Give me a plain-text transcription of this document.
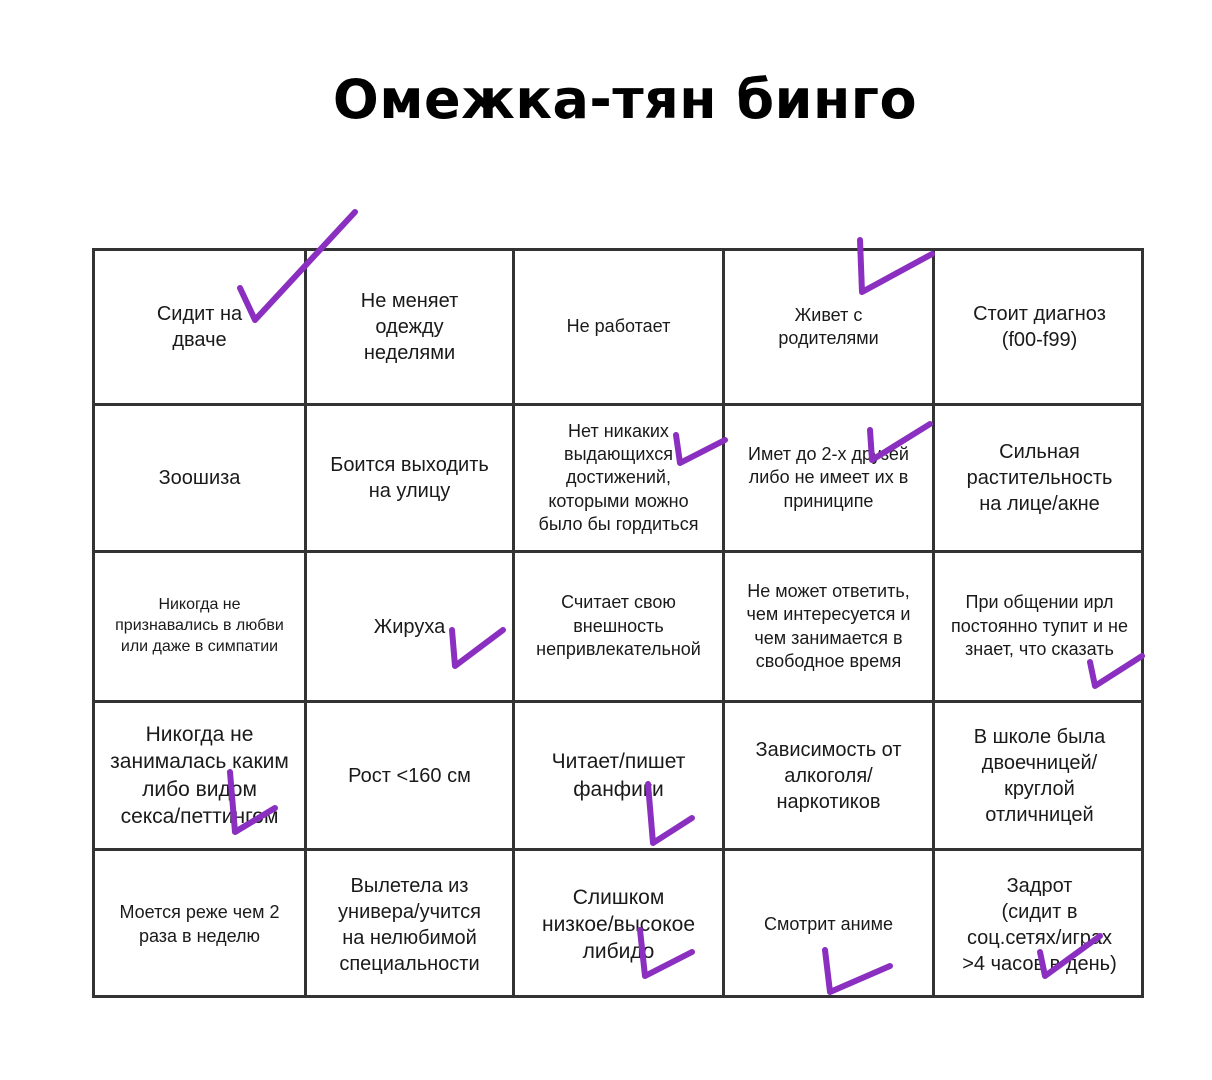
Омежка-тян бинго
Сидит на
дваче
Не меняет
одежду
неделями
Не работает
Живет с
родителями
Стоит диагноз
(f00-f99)
Зоошиза
Боится выходить
на улицу
Нет никаких
выдающихся
достижений,
которыми можно
было бы гордиться
Имет до 2-х друзей
либо не имеет их в
приниципе
Сильная
растительность
на лице/акне
Никогда не
признавались в любви
или даже в симпатии
Жируха
Считает свою
внешность
непривлекательной
Не может ответить,
чем интересуется и
чем занимается в
свободное время
При общении ирл
постоянно тупит и не
знает, что сказать
Никогда не
занималась каким
либо видом
секса/петтингом
Рост <160 см
Читает/пишет
фанфики
Зависимость от
алкоголя/
наркотиков
В школе была
двоечницей/
круглой
отличницей
Моется реже чем 2
раза в неделю
Вылетела из
универа/учится
на нелюбимой
специальности
Слишком
низкое/высокое
либидо
Смотрит аниме
Задрот
(сидит в
соц.сетях/играх
>4 часов в день)
